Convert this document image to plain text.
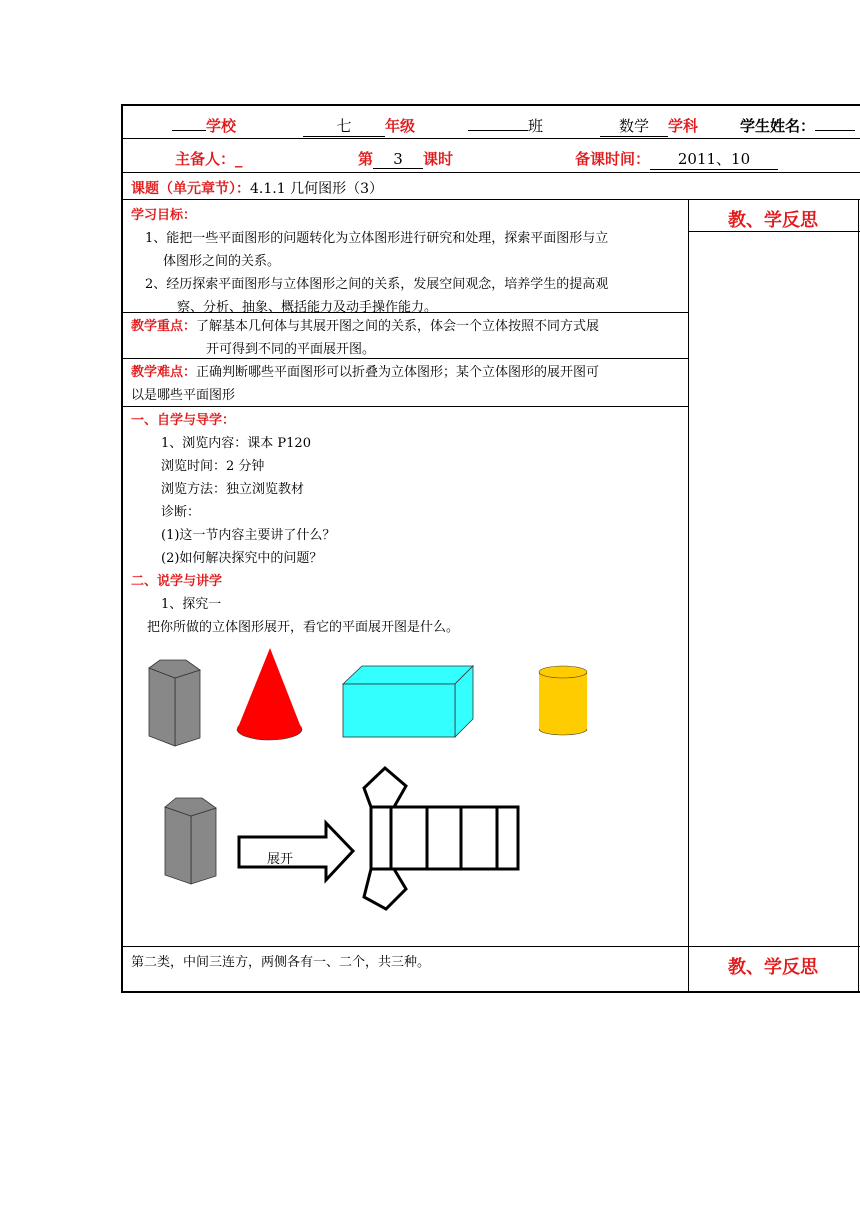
学校	七 年级	班	数学 学科	学生姓名：
主备人：_	第 3 课时	备课时间： 2011、10
课题（单元章节）：4.1.1 几何图形（3）
学习目标：
1、能把一些平面图形的问题转化为立体图形进行研究和处理，探索平面图形与立
体图形之间的关系。
2、经历探索平面图形与立体图形之间的关系，发展空间观念，培养学生的提高观
察、分析、抽象、概括能力及动手操作能力。
教学重点：了解基本几何体与其展开图之间的关系，体会一个立体按照不同方式展
开可得到不同的平面展开图。
教学难点：正确判断哪些平面图形可以折叠为立体图形；某个立体图形的展开图可
以是哪些平面图形
一、自学与导学：
1、浏览内容：课本 P120
浏览时间：2 分钟
浏览方法：独立浏览教材
诊断：
(1)这一节内容主要讲了什么？
(2)如何解决探究中的问题？
二、说学与讲学
1、探究一
把你所做的立体图形展开，看它的平面展开图是什么。
展开
教、学反思
第二类，中间三连方，两侧各有一、二个，共三种。	教、学反思
